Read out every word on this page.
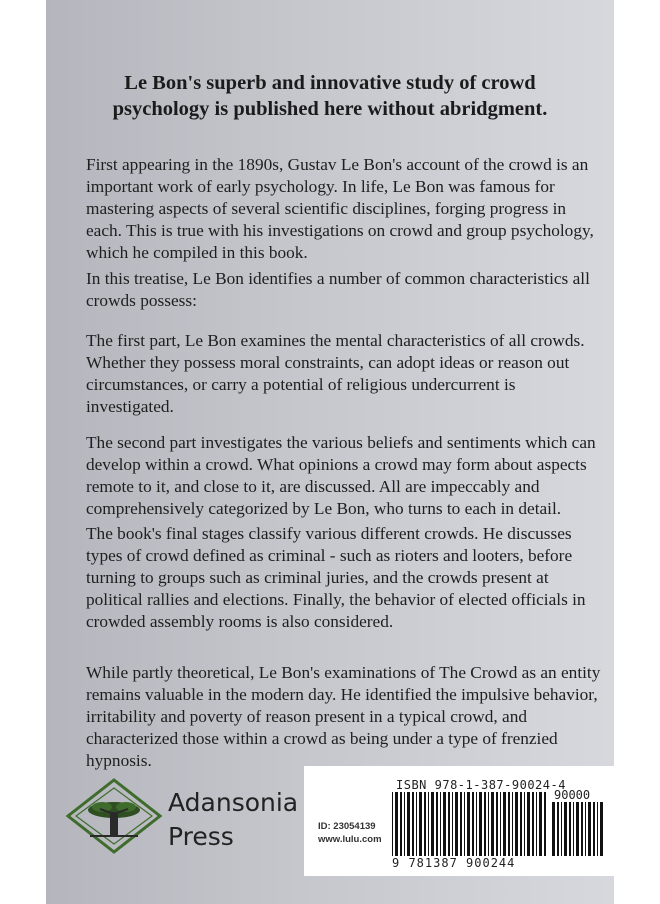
Le Bon's superb and innovative study of crowd
psychology is published here without abridgment.

First appearing in the 1890s, Gustav Le Bon's account of the crowd is an important work of early psychology. In life, Le Bon was famous for mastering aspects of several scientific disciplines, forging progress in each. This is true with his investigations on crowd and group psychology, which he compiled in this book.

In this treatise, Le Bon identifies a number of common characteristics all crowds possess:

The first part, Le Bon examines the mental characteristics of all crowds. Whether they possess moral constraints, can adopt ideas or reason out circumstances, or carry a potential of religious undercurrent is investigated.

The second part investigates the various beliefs and sentiments which can develop within a crowd. What opinions a crowd may form about aspects remote to it, and close to it, are discussed. All are impeccably and comprehensively categorized by Le Bon, who turns to each in detail.

The book's final stages classify various different crowds. He discusses types of crowd defined as criminal - such as rioters and looters, before turning to groups such as criminal juries, and the crowds present at political rallies and elections. Finally, the behavior of elected officials in crowded assembly rooms is also considered.

While partly theoretical, Le Bon's examinations of The Crowd as an entity remains valuable in the modern day. He identified the impulsive behavior, irritability and poverty of reason present in a typical crowd, and characterized those within a crowd as being under a type of frenzied hypnosis.

Adansonia
Press
ISBN 978-1-387-90024-4
90000
ID: 23054139
www.lulu.com
9 781387 900244
